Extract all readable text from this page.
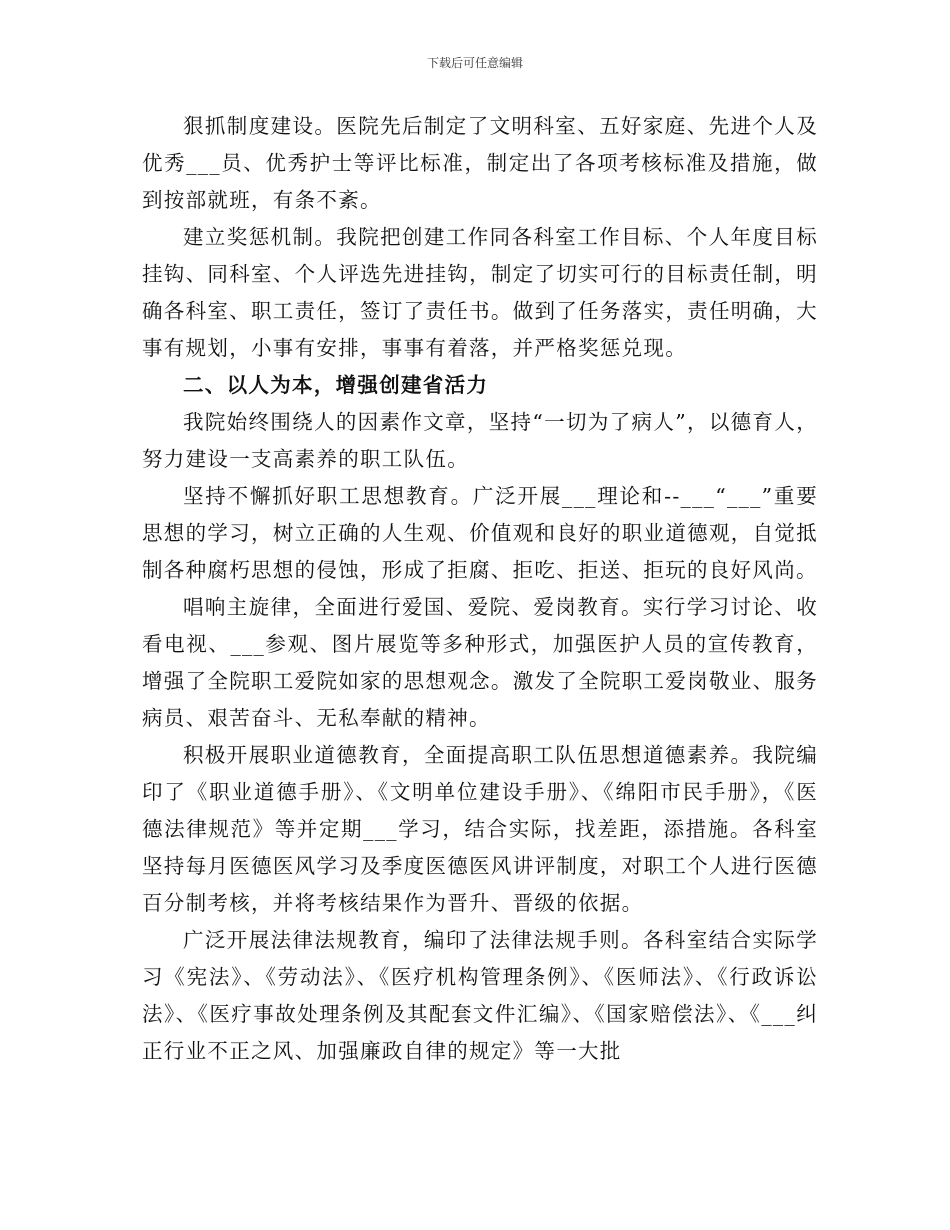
下载后可任意编辑

狠抓制度建设。医院先后制定了文明科室、五好家庭、先进个人及优秀___员、优秀护士等评比标准，制定出了各项考核标准及措施，做到按部就班，有条不紊。

建立奖惩机制。我院把创建工作同各科室工作目标、个人年度目标挂钩、同科室、个人评选先进挂钩，制定了切实可行的目标责任制，明确各科室、职工责任，签订了责任书。做到了任务落实，责任明确，大事有规划，小事有安排，事事有着落，并严格奖惩兑现。

二、以人为本，增强创建省活力

我院始终围绕人的因素作文章，坚持“一切为了病人”，以德育人，努力建设一支高素养的职工队伍。

坚持不懈抓好职工思想教育。广泛开展___理论和--___“___”重要思想的学习，树立正确的人生观、价值观和良好的职业道德观，自觉抵制各种腐朽思想的侵蚀，形成了拒腐、拒吃、拒送、拒玩的良好风尚。

唱响主旋律，全面进行爱国、爱院、爱岗教育。实行学习讨论、收看电视、___参观、图片展览等多种形式，加强医护人员的宣传教育，增强了全院职工爱院如家的思想观念。激发了全院职工爱岗敬业、服务病员、艰苦奋斗、无私奉献的精神。

积极开展职业道德教育，全面提高职工队伍思想道德素养。我院编印了《职业道德手册》、《文明单位建设手册》、《绵阳市民手册》，《医德法律规范》等并定期___学习，结合实际，找差距，添措施。各科室坚持每月医德医风学习及季度医德医风讲评制度，对职工个人进行医德百分制考核，并将考核结果作为晋升、晋级的依据。

广泛开展法律法规教育，编印了法律法规手则。各科室结合实际学习《宪法》、《劳动法》、《医疗机构管理条例》、《医师法》、《行政诉讼法》、《医疗事故处理条例及其配套文件汇编》、《国家赔偿法》、《___纠正行业不正之风、加强廉政自律的规定》等一大批
